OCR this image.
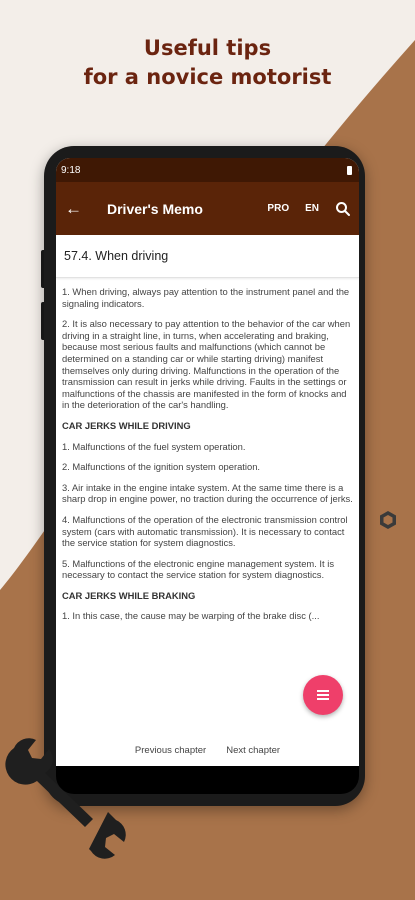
Useful tips
for a novice motorist
9:18
← Driver's Memo	PRO EN
57.4. When driving

1. When driving, always pay attention to the instrument panel and the signaling indicators.

2. It is also necessary to pay attention to the behavior of the car when driving in a straight line, in turns, when accelerating and braking, because most serious faults and malfunctions (which cannot be determined on a standing car or while starting driving) manifest themselves only during driving. Malfunctions in the operation of the transmission can result in jerks while driving. Faults in the settings or malfunctions of the chassis are manifested in the form of knocks and in the deterioration of the car's handling.

CAR JERKS WHILE DRIVING

1. Malfunctions of the fuel system operation.

2. Malfunctions of the ignition system operation.

3. Air intake in the engine intake system. At the same time there is a sharp drop in engine power, no traction during the occurrence of jerks.

4. Malfunctions of the operation of the electronic transmission control system (cars with automatic transmission). It is necessary to contact the service station for system diagnostics.

5. Malfunctions of the electronic engine management system. It is necessary to contact the service station for system diagnostics.

CAR JERKS WHILE BRAKING

1. In this case, the cause may be warping of the brake disc (...

Previous chapter Next chapter
